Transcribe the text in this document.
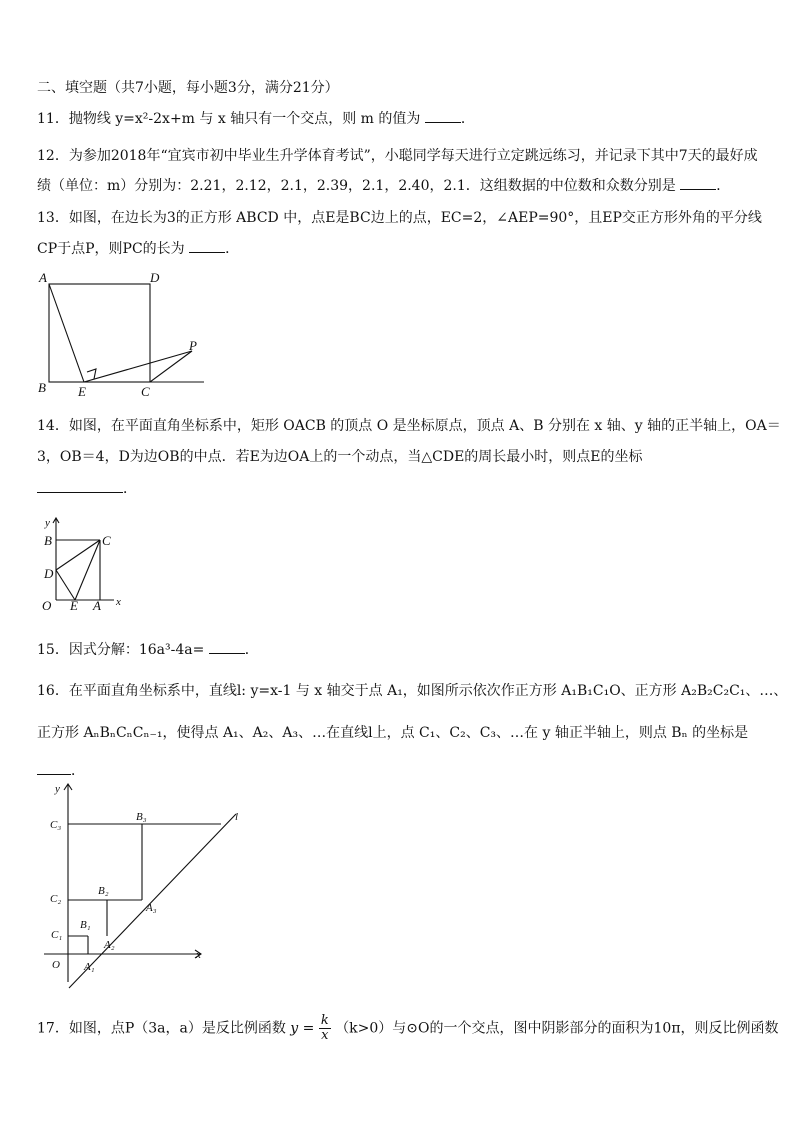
二、填空题（共7小题，每小题3分，满分21分）
11．抛物线 y=x²-2x+m 与 x 轴只有一个交点，则 m 的值为	．
12．为参加2018年“宜宾市初中毕业生升学体育考试”，小聪同学每天进行立定跳远练习，并记录下其中7天的最好成
绩（单位：m）分别为：2.21，2.12，2.1，2.39，2.1，2.40，2.1．这组数据的中位数和众数分别是	．
13．如图，在边长为3的正方形 ABCD 中，点E是BC边上的点，EC=2，∠AEP=90°，且EP交正方形外角的平分线
CP于点P，则PC的长为	．
A	D
B E	C
P
14．如图，在平面直角坐标系中，矩形 OACB 的顶点 O 是坐标原点，顶点 A、B 分别在 x 轴、y 轴的正半轴上，OA＝
3，OB＝4，D为边OB的中点．若E为边OA上的一个动点，当△CDE的周长最小时，则点E的坐标
．
y
B	C
D
O E A x
15．因式分解：16a³-4a=	．
16．在平面直角坐标系中，直线l: y=x-1 与 x 轴交于点 A₁，如图所示依次作正方形 A₁B₁C₁O、正方形 A₂B₂C₂C₁、…、
正方形 AₙBₙCₙCₙ₋₁，使得点 A₁、A₂、A₃、…在直线l上，点 C₁、C₂、C₃、…在 y 轴正半轴上，则点 Bₙ 的坐标是
．
y
C₃
B₃	l
C₂
B₂
A₃
B₁
C₁
A₂
x
O A₁
17．如图，点P（3a，a）是反比例函数 $y = \frac{k}{x} (k>0)$与⊙O的一个交点，图中阴影部分的面积为10π，则反比例函数
